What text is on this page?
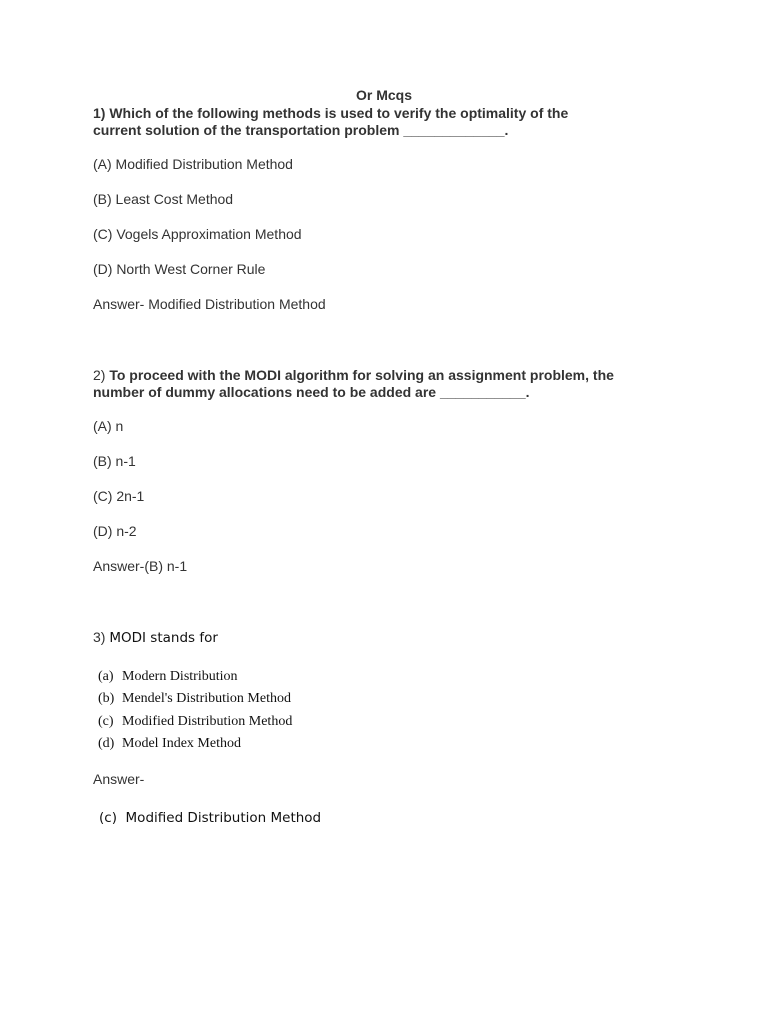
Or Mcqs
1) Which of the following methods is used to verify the optimality of the
current solution of the transportation problem _____________.
(A) Modified Distribution Method
(B) Least Cost Method
(C) Vogels Approximation Method
(D) North West Corner Rule
Answer- Modified Distribution Method
2) To proceed with the MODI algorithm for solving an assignment problem, the
number of dummy allocations need to be added are ___________.
(A) n
(B) n-1
(C) 2n-1
(D) n-2
Answer-(B) n-1
3) MODI stands for
(a) Modern Distribution
(b) Mendel's Distribution Method
(c) Modified Distribution Method
(d) Model Index Method
Answer-
(c)  Modified Distribution Method
